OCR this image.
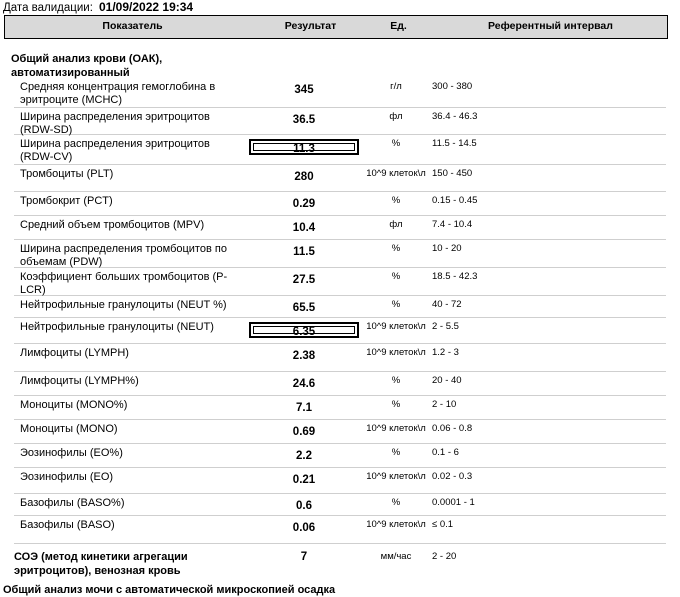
Дата валидации: 01/09/2022 19:34
Показатель	Результат	Ед.	Референтный интервал
Общий анализ крови (ОАК), автоматизированный
Средняя концентрация гемоглобина в эритроците (MCHC)
345	г/л	300 - 380
Ширина распределения эритроцитов (RDW-SD)
36.5	фл	36.4 - 46.3
Ширина распределения эритроцитов (RDW-CV)
11.3	%	11.5 - 14.5
Тромбоциты (PLT)	280	10^9 клеток\л 150 - 450
Тромбокрит (PCT)	0.29	%	0.15 - 0.45
Средний объем тромбоцитов (MPV)	10.4	фл	7.4 - 10.4
Ширина распределения тромбоцитов по объемам (PDW)
11.5	%	10 - 20
Коэффициент больших тромбоцитов (P-LCR)
27.5	%	18.5 - 42.3
Нейтрофильные гранулоциты (NEUT %)	65.5	%	40 - 72
Нейтрофильные гранулоциты (NEUT)	6.35	10^9 клеток\л 2 - 5.5
Лимфоциты (LYMPH)	2.38	10^9 клеток\л 1.2 - 3
Лимфоциты (LYMPH%)	24.6	%	20 - 40
Моноциты (MONO%)	7.1	%	2 - 10
Моноциты (MONO)	0.69	10^9 клеток\л 0.06 - 0.8
Эозинофилы (EO%)	2.2	%	0.1 - 6
Эозинофилы (EO)	0.21	10^9 клеток\л 0.02 - 0.3
Базофилы (BASO%)	0.6	%	0.0001 - 1
Базофилы (BASO)	0.06	10^9 клеток\л ≤ 0.1
СОЭ (метод кинетики агрегации эритроцитов), венозная кровь
7	мм/час	2 - 20
Общий анализ мочи с автоматической микроскопией осадка
